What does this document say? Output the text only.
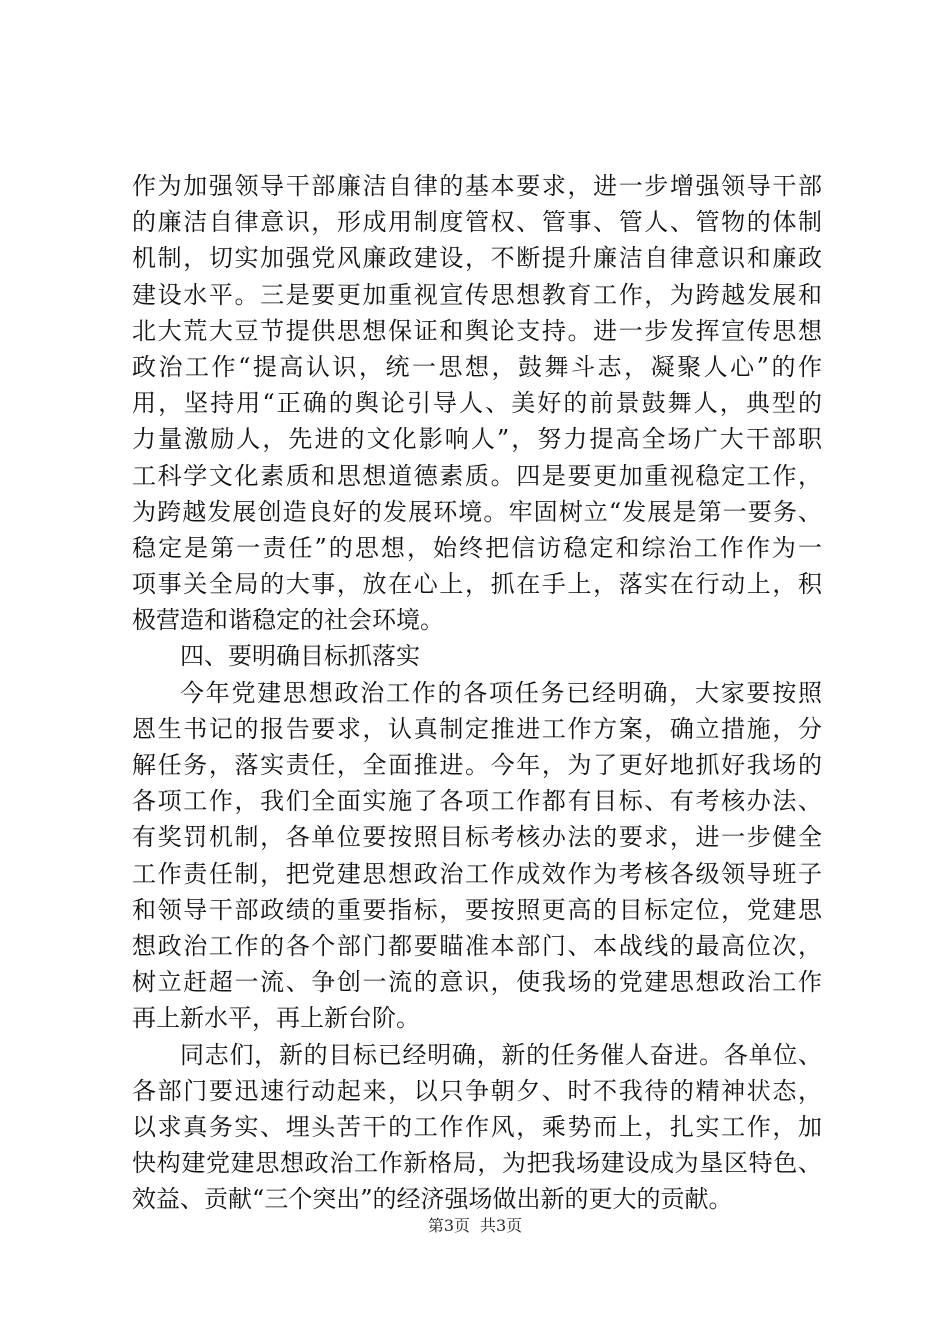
作为加强领导干部廉洁自律的基本要求，进一步增强领导干部
的廉洁自律意识，形成用制度管权、管事、管人、管物的体制
机制，切实加强党风廉政建设，不断提升廉洁自律意识和廉政
建设水平。三是要更加重视宣传思想教育工作，为跨越发展和
北大荒大豆节提供思想保证和舆论支持。进一步发挥宣传思想
政治工作“提高认识，统一思想，鼓舞斗志，凝聚人心”的作
用，坚持用“正确的舆论引导人、美好的前景鼓舞人，典型的
力量激励人，先进的文化影响人”，努力提高全场广大干部职
工科学文化素质和思想道德素质。四是要更加重视稳定工作，
为跨越发展创造良好的发展环境。牢固树立“发展是第一要务、
稳定是第一责任”的思想，始终把信访稳定和综治工作作为一
项事关全局的大事，放在心上，抓在手上，落实在行动上，积
极营造和谐稳定的社会环境。
四、要明确目标抓落实
今年党建思想政治工作的各项任务已经明确，大家要按照
恩生书记的报告要求，认真制定推进工作方案，确立措施，分
解任务，落实责任，全面推进。今年，为了更好地抓好我场的
各项工作，我们全面实施了各项工作都有目标、有考核办法、
有奖罚机制，各单位要按照目标考核办法的要求，进一步健全
工作责任制，把党建思想政治工作成效作为考核各级领导班子
和领导干部政绩的重要指标，要按照更高的目标定位，党建思
想政治工作的各个部门都要瞄准本部门、本战线的最高位次，
树立赶超一流、争创一流的意识，使我场的党建思想政治工作
再上新水平，再上新台阶。
同志们，新的目标已经明确，新的任务催人奋进。各单位、
各部门要迅速行动起来，以只争朝夕、时不我待的精神状态，
以求真务实、埋头苦干的工作作风，乘势而上，扎实工作，加
快构建党建思想政治工作新格局，为把我场建设成为垦区特色、
效益、贡献“三个突出”的经济强场做出新的更大的贡献。
第3页 共3页
